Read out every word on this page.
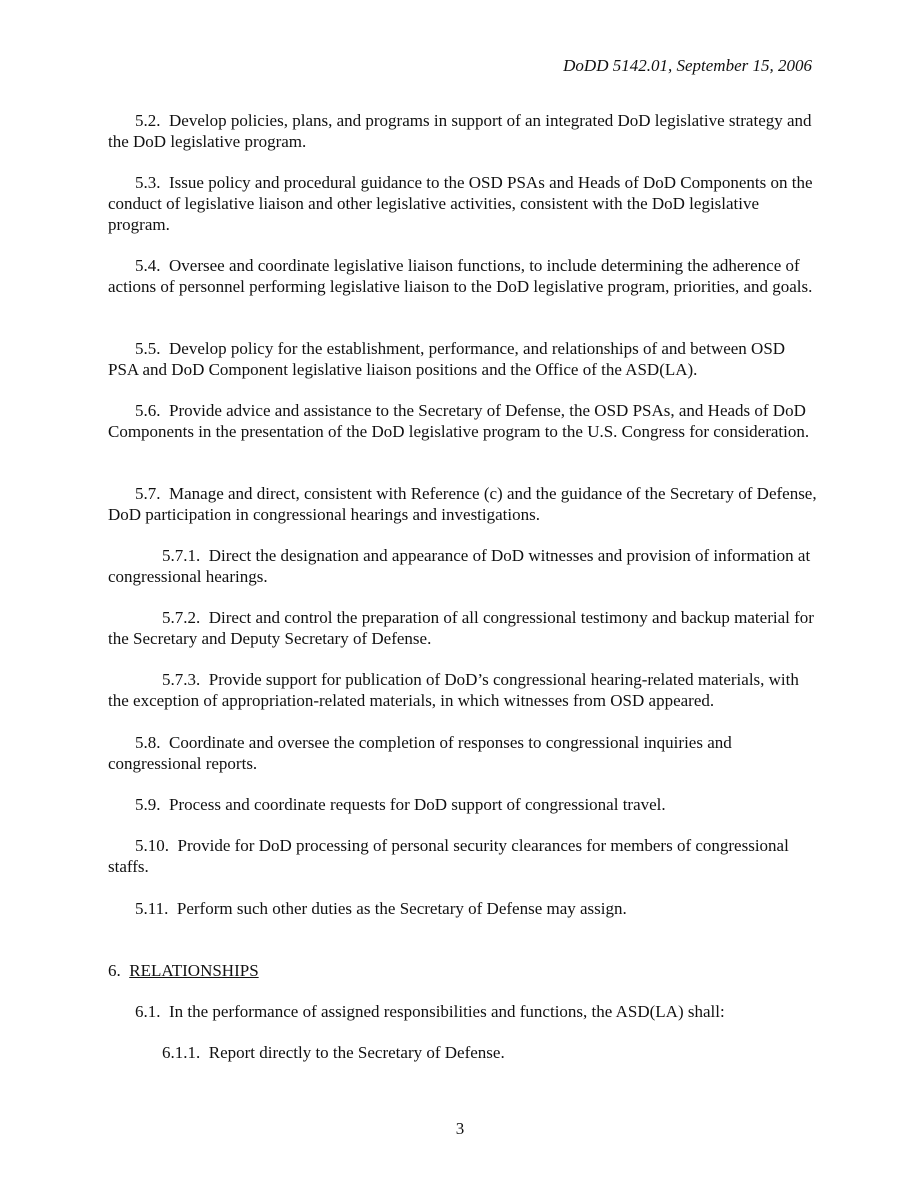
DoDD 5142.01, September 15, 2006

5.2. Develop policies, plans, and programs in support of an integrated DoD legislative strategy and the DoD legislative program.

5.3. Issue policy and procedural guidance to the OSD PSAs and Heads of DoD Components on the conduct of legislative liaison and other legislative activities, consistent with the DoD legislative program.

5.4. Oversee and coordinate legislative liaison functions, to include determining the adherence of actions of personnel performing legislative liaison to the DoD legislative program, priorities, and goals.

5.5. Develop policy for the establishment, performance, and relationships of and between OSD PSA and DoD Component legislative liaison positions and the Office of the ASD(LA).

5.6. Provide advice and assistance to the Secretary of Defense, the OSD PSAs, and Heads of DoD Components in the presentation of the DoD legislative program to the U.S. Congress for consideration.

5.7. Manage and direct, consistent with Reference (c) and the guidance of the Secretary of Defense, DoD participation in congressional hearings and investigations.

5.7.1. Direct the designation and appearance of DoD witnesses and provision of information at congressional hearings.

5.7.2. Direct and control the preparation of all congressional testimony and backup material for the Secretary and Deputy Secretary of Defense.

5.7.3. Provide support for publication of DoD’s congressional hearing-related materials, with the exception of appropriation-related materials, in which witnesses from OSD appeared.

5.8. Coordinate and oversee the completion of responses to congressional inquiries and congressional reports.

5.9. Process and coordinate requests for DoD support of congressional travel.

5.10. Provide for DoD processing of personal security clearances for members of congressional staffs.

5.11. Perform such other duties as the Secretary of Defense may assign.

6. RELATIONSHIPS

6.1. In the performance of assigned responsibilities and functions, the ASD(LA) shall:

6.1.1. Report directly to the Secretary of Defense.

3
